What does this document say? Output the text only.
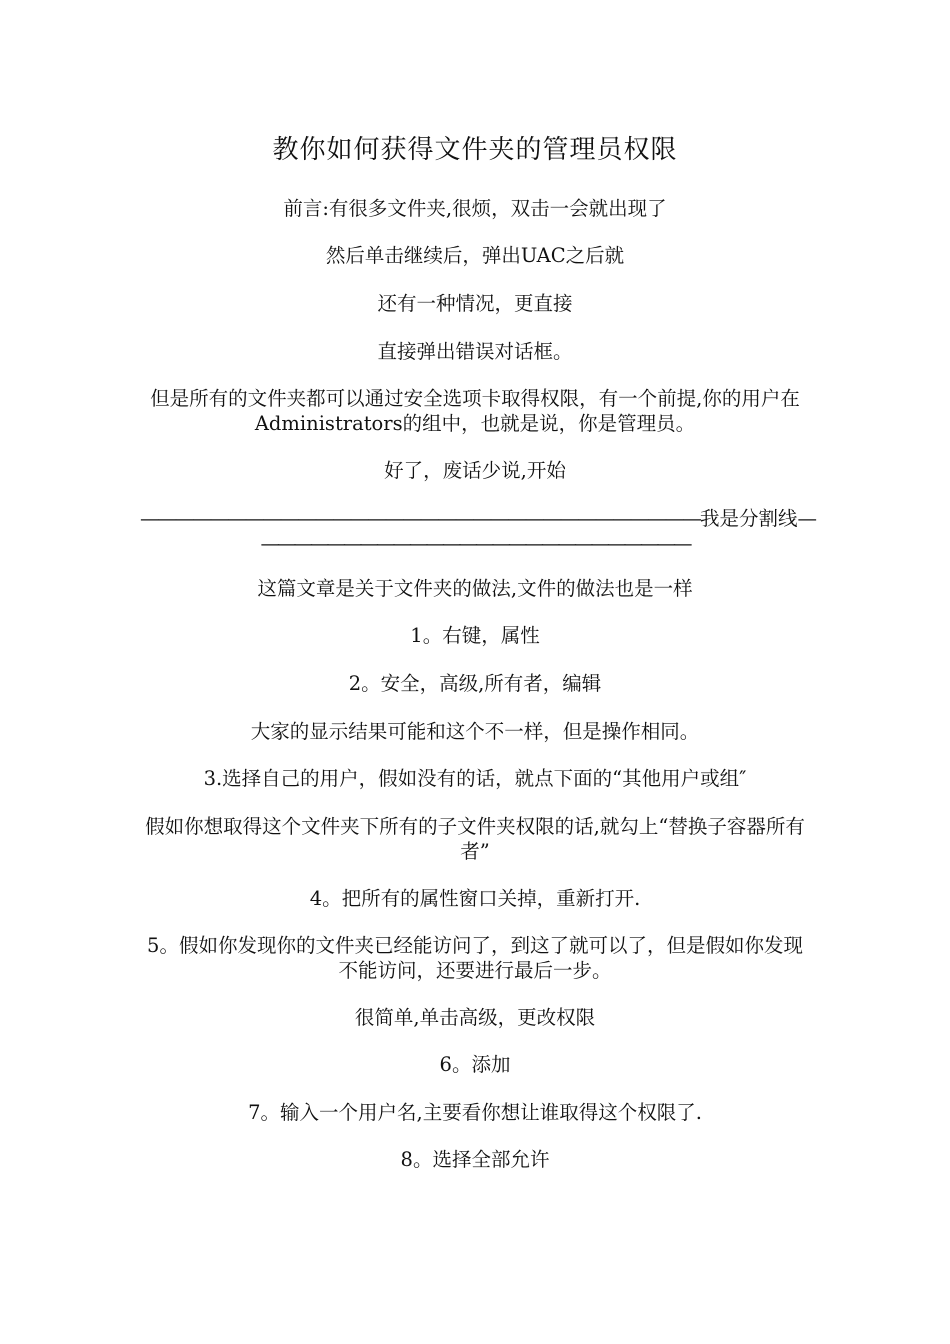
教你如何获得文件夹的管理员权限

前言:有很多文件夹,很烦，双击一会就出现了

然后单击继续后，弹出UAC之后就

还有一种情况，更直接

直接弹出错误对话框。

但是所有的文件夹都可以通过安全选项卡取得权限，有一个前提,你的用户在Administrators的组中，也就是说，你是管理员。

好了，废话少说,开始

————————————————————————————————我是分割线—
——————————————————————————

这篇文章是关于文件夹的做法,文件的做法也是一样

1。右键，属性

2。安全，高级,所有者，编辑

大家的显示结果可能和这个不一样，但是操作相同。

3.选择自己的用户，假如没有的话，就点下面的“其他用户或组″

假如你想取得这个文件夹下所有的子文件夹权限的话,就勾上“替换子容器所有者”

4。把所有的属性窗口关掉，重新打开.

5。假如你发现你的文件夹已经能访问了，到这了就可以了，但是假如你发现不能访问，还要进行最后一步。

很简单,单击高级，更改权限

6。添加

7。输入一个用户名,主要看你想让谁取得这个权限了.

8。选择全部允许
